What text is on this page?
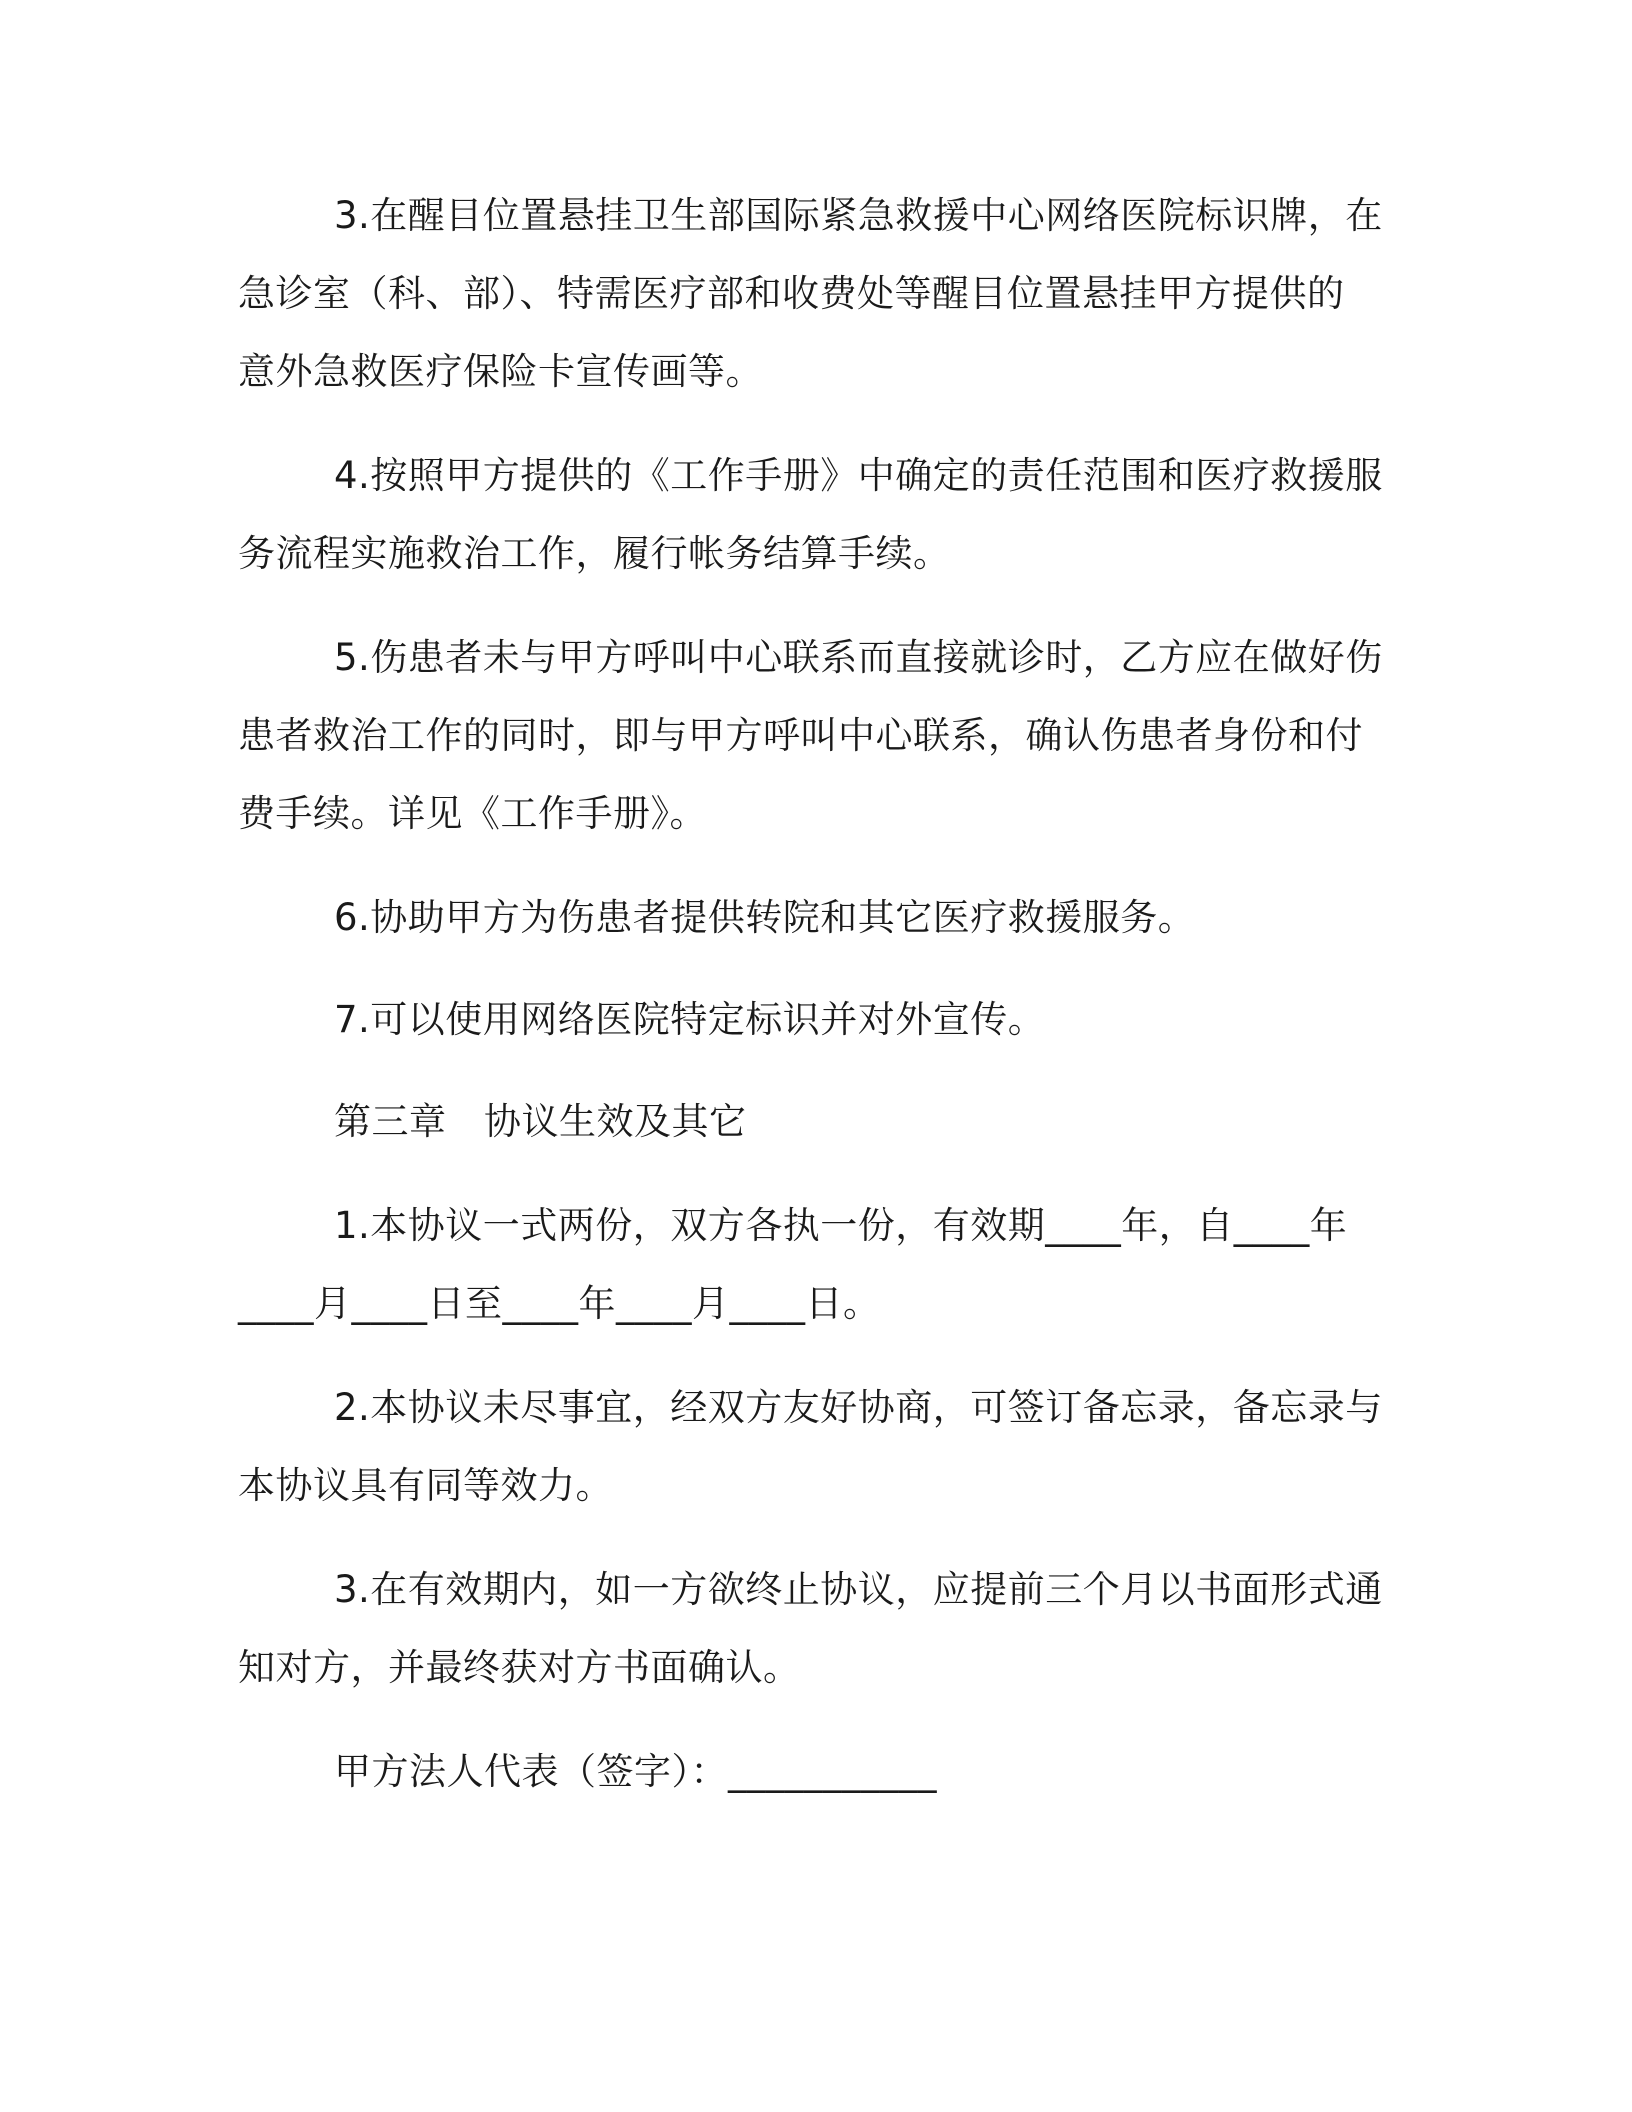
3.在醒目位置悬挂卫生部国际紧急救援中心网络医院标识牌，在
急诊室（科、部）、特需医疗部和收费处等醒目位置悬挂甲方提供的
意外急救医疗保险卡宣传画等。
4.按照甲方提供的《工作手册》中确定的责任范围和医疗救援服
务流程实施救治工作，履行帐务结算手续。
5.伤患者未与甲方呼叫中心联系而直接就诊时，乙方应在做好伤
患者救治工作的同时，即与甲方呼叫中心联系，确认伤患者身份和付
费手续。详见《工作手册》。
6.协助甲方为伤患者提供转院和其它医疗救援服务。
7.可以使用网络医院特定标识并对外宣传。
第三章　协议生效及其它
1.本协议一式两份，双方各执一份，有效期____年，自____年
____月____日至____年____月____日。
2.本协议未尽事宜，经双方友好协商，可签订备忘录，备忘录与
本协议具有同等效力。
3.在有效期内，如一方欲终止协议，应提前三个月以书面形式通
知对方，并最终获对方书面确认。
甲方法人代表（签字）：___________
